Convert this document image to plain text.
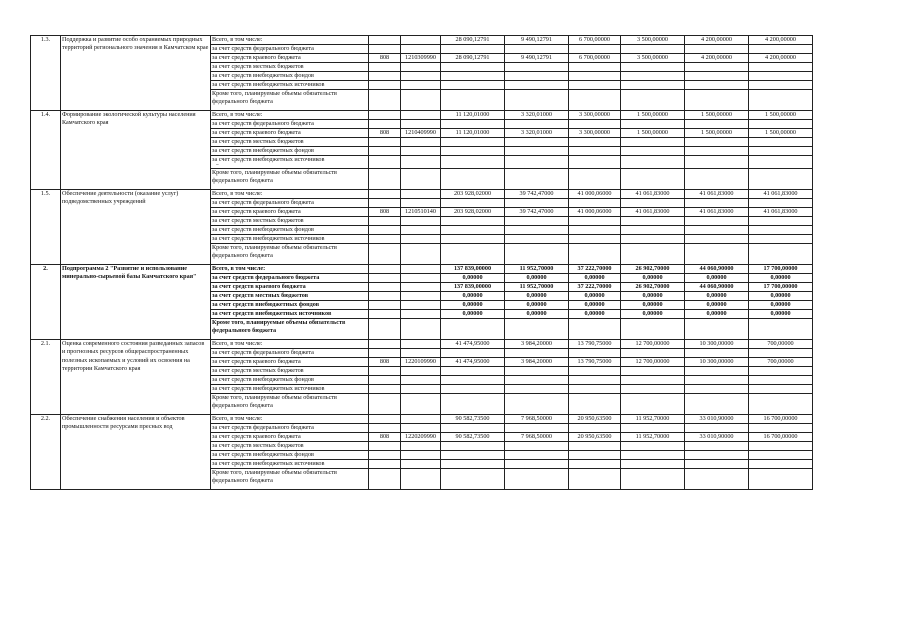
1.3.	Поддержка и развитие особо охраняемых природных территорий регионального значения в Камчатском крае	Всего, в том числе:			28 090,12791	9 490,12791	6 700,00000	3 500,00000	4 200,00000	4 200,00000
		за счет средств федерального бюджета								
		за счет средств краевого бюджета	808	1210309990	28 090,12791	9 490,12791	6 700,00000	3 500,00000	4 200,00000	4 200,00000
		за счет средств местных бюджетов								
		за счет средств внебюджетных фондов								
		за счет средств внебюджетных источников								
		Кроме того, планируемые объемы обязательств федерального бюджета								
1.4.	Формирование экологической культуры населения Камчатского края	Всего, в том числе:			11 120,01000	3 320,01000	3 300,00000	1 500,00000	1 500,00000	1 500,00000
		за счет средств федерального бюджета								
		за счет средств краевого бюджета	808	1210409990	11 120,01000	3 320,01000	3 300,00000	1 500,00000	1 500,00000	1 500,00000
		за счет средств местных бюджетов								
		за счет средств внебюджетных фондов								
		за счет средств внебюджетных источников
~								

		Кроме того, планируемые объемы обязательств федерального бюджета								
1.5.	Обеспечение деятельности (оказание услуг) подведомственных учреждений	Всего, в том числе:			203 928,02000	39 742,47000	41 000,06000	41 061,83000	41 061,83000	41 061,83000
		за счет средств федерального бюджета								
		за счет средств краевого бюджета	808	1210510140	203 928,02000	39 742,47000	41 000,06000	41 061,83000	41 061,83000	41 061,83000
		за счет средств местных бюджетов								
		за счет средств внебюджетных фондов								
		за счет средств внебюджетных источников								
		Кроме того, планируемые объемы обязательств федерального бюджета								
2.	Подпрограмма 2 "Развитие и использование минерально-сырьевой базы Камчатского края"	Всего, в том числе:			137 839,00000	11 952,70000	37 222,70000	26 902,70000	44 060,90000	17 700,00000
		за счет средств федерального бюджета			0,00000	0,00000	0,00000	0,00000	0,00000	0,00000
		за счет средств краевого бюджета			137 839,00000	11 952,70000	37 222,70000	26 902,70000	44 060,90000	17 700,00000
		за счет средств местных бюджетов			0,00000	0,00000	0,00000	0,00000	0,00000	0,00000
		за счет средств внебюджетных фондов			0,00000	0,00000	0,00000	0,00000	0,00000	0,00000
		за счет средств внебюджетных источников			0,00000	0,00000	0,00000	0,00000	0,00000	0,00000
		Кроме того, планируемые объемы обязательств федерального бюджета								
2.1.	Оценка современного состояния разведанных запасов и прогнозных ресурсов общераспространенных полезных ископаемых и условий их освоения на территории Камчатского края	Всего, в том числе:			41 474,95000	3 984,20000	13 790,75000	12 700,00000	10 300,00000	700,00000
		за счет средств федерального бюджета								
		за счет средств краевого бюджета	808	1220109990	41 474,95000	3 984,20000	13 790,75000	12 700,00000	10 300,00000	700,00000
		за счет средств местных бюджетов								
		за счет средств внебюджетных фондов								
		за счет средств внебюджетных источников								
		Кроме того, планируемые объемы обязательств федерального бюджета								
2.2.	Обеспечение снабжения населения и объектов промышленности ресурсами пресных вод	Всего, в том числе:			90 582,73500	7 968,50000	20 950,63500	11 952,70000	33 010,90000	16 700,00000
		за счет средств федерального бюджета								
		за счет средств краевого бюджета	808	1220209990	90 582,73500	7 968,50000	20 950,63500	11 952,70000	33 010,90000	16 700,00000
		за счет средств местных бюджетов								
		за счет средств внебюджетных фондов								
		за счет средств внебюджетных источников								
		Кроме того, планируемые объемы обязательств федерального бюджета								
